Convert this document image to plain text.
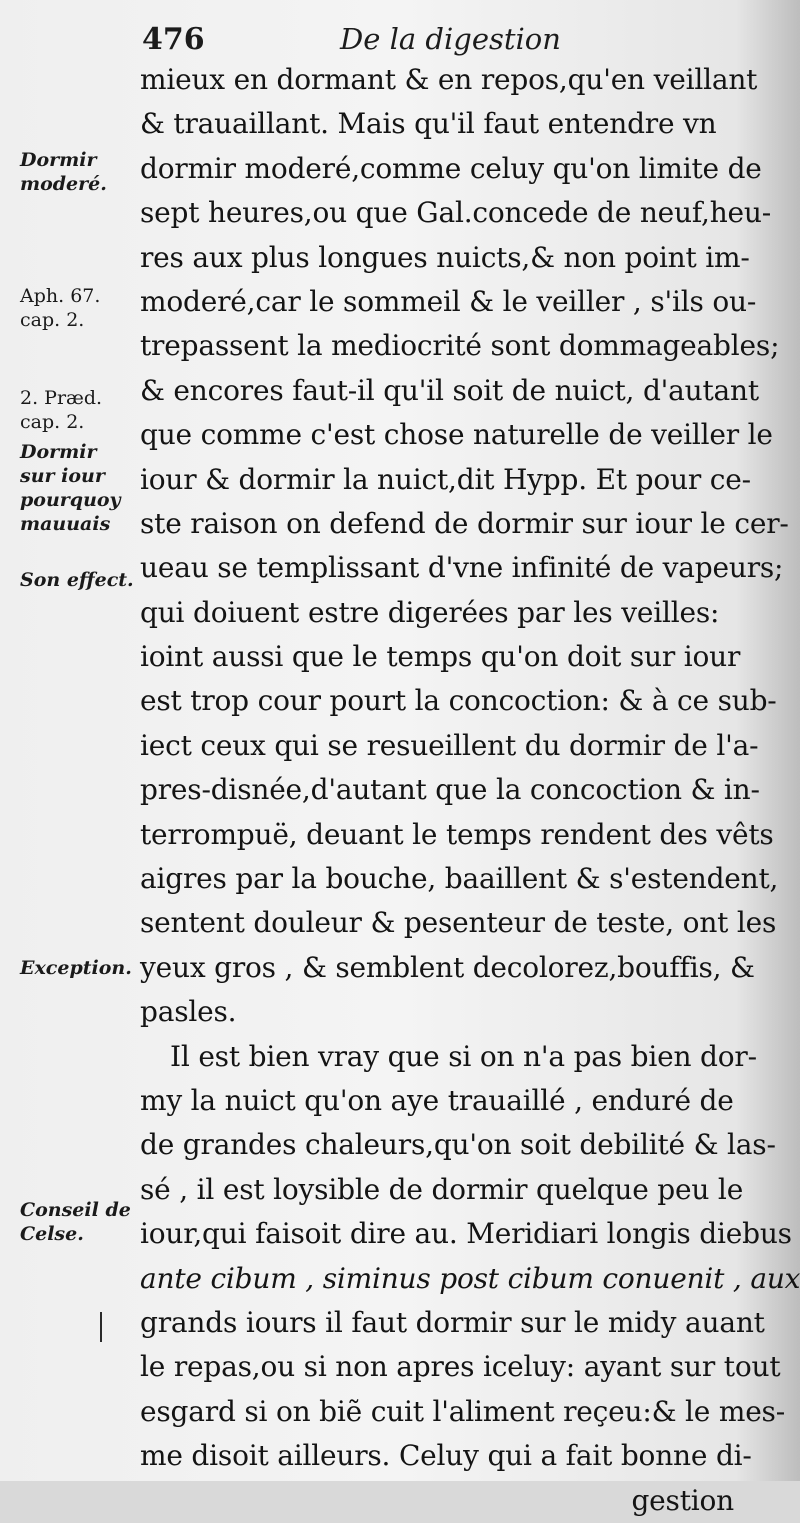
476	De la digestion
mieux en dormant & en repos,qu'en veillant
& trauaillant. Mais qu'il faut entendre vn
dormir moderé,comme celuy qu'on limite de
sept heures,ou que Gal.concede de neuf,heu-
res aux plus longues nuicts,& non point im-
moderé,car le sommeil & le veiller , s'ils ou-
trepassent la mediocrité sont dommageables;
& encores faut-il qu'il soit de nuict, d'autant
que comme c'est chose naturelle de veiller le
iour & dormir la nuict,dit Hypp. Et pour ce-
ste raison on defend de dormir sur iour le cer-
ueau se templissant d'vne infinité de vapeurs;
qui doiuent estre digerées par les veilles:
ioint aussi que le temps qu'on doit sur iour
est trop cour pourt la concoction: & à ce sub-
iect ceux qui se resueillent du dormir de l'a-
pres-disnée,d'autant que la concoction & in-
terrompuë, deuant le temps rendent des vêts
aigres par la bouche, baaillent & s'estendent,
sentent douleur & pesenteur de teste, ont les
yeux gros , & semblent decolorez,bouffis, &
pasles.
Il est bien vray que si on n'a pas bien dor-
my la nuict qu'on aye trauaillé , enduré de
de grandes chaleurs,qu'on soit debilité & las-
sé , il est loysible de dormir quelque peu le
iour,qui faisoit dire au. Meridiari longis diebus
ante cibum , siminus post cibum conuenit , aux
grands iours il faut dormir sur le midy auant
le repas,ou si non apres iceluy: ayant sur tout
esgard si on biẽ cuit l'aliment reçeu:& le mes-
me disoit ailleurs. Celuy qui a fait bonne di-
gestion
Dormir
moderé.
Aph. 67.
cap. 2.
2. Præd.
cap. 2.
Dormir
sur iour
pourquoy
mauuais
Son effect.
Exception.
Conseil de
Celse.
